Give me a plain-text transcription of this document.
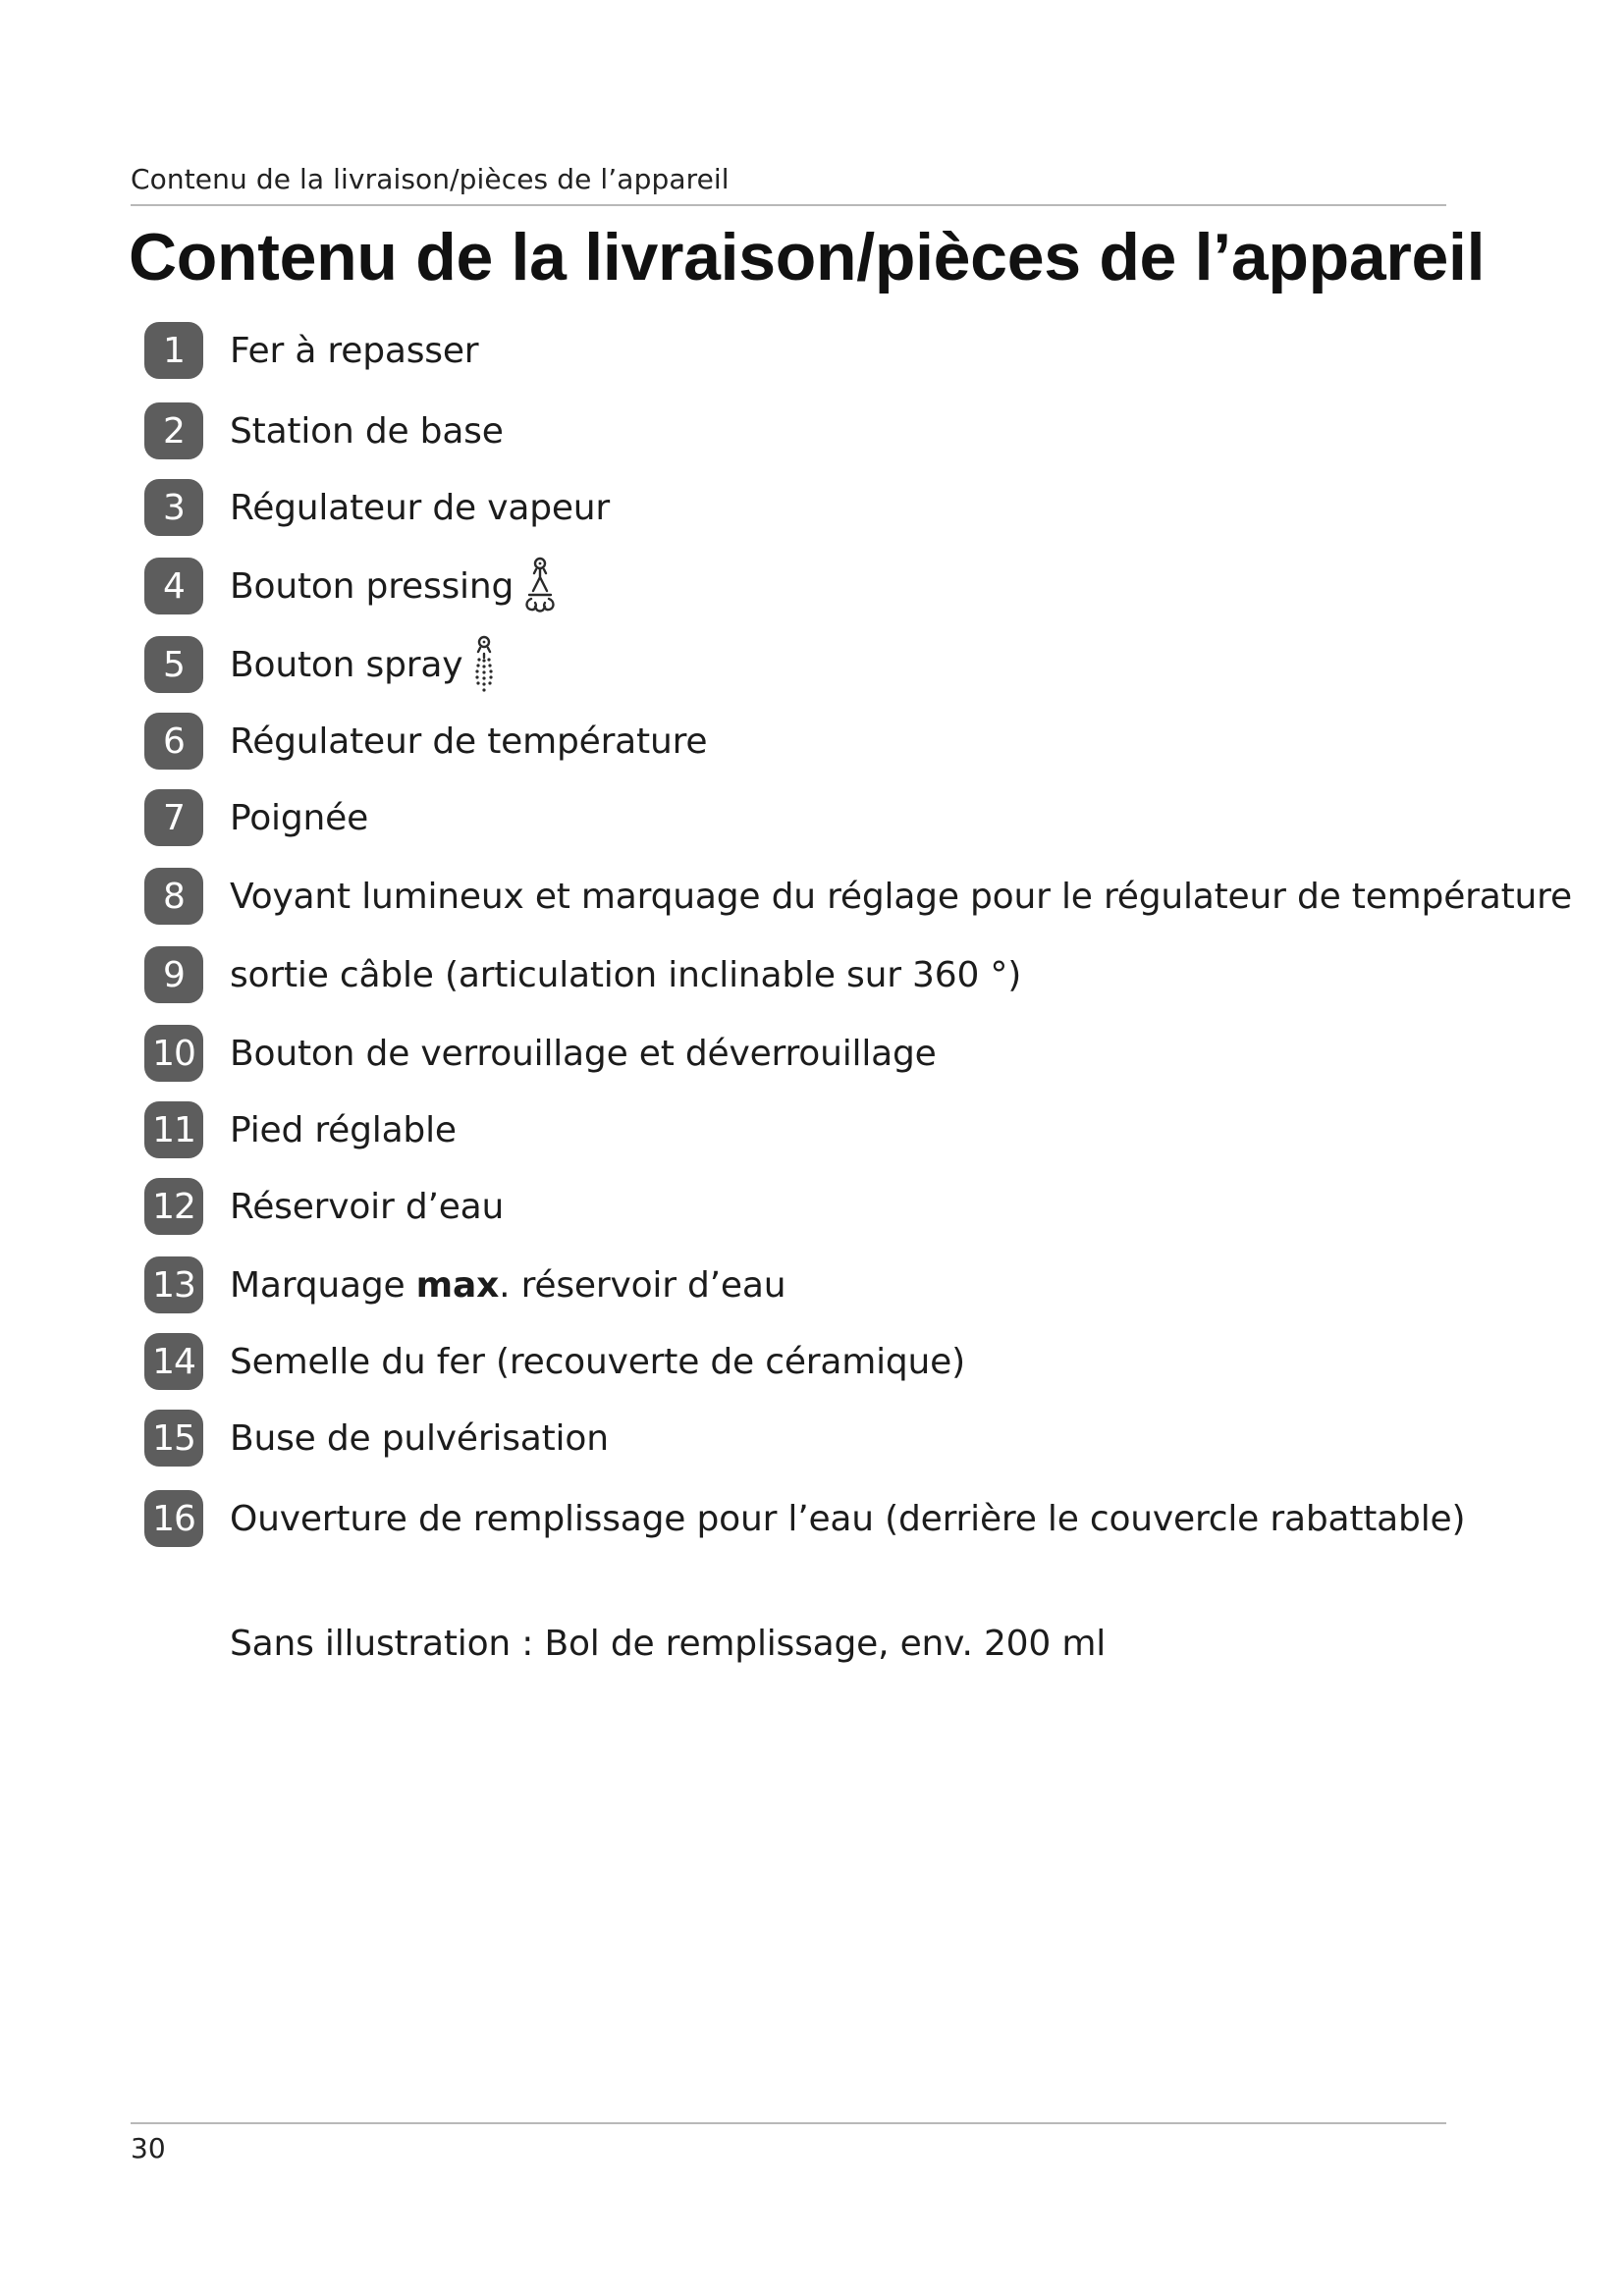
Contenu de la livraison/pièces de l’appareil
Contenu de la livraison/pièces de l’appareil
1	Fer à repasser
2	Station de base
3	Régulateur de vapeur
4	Bouton pressing
5	Bouton spray
6	Régulateur de température
7	Poignée
8	Voyant lumineux et marquage du réglage pour le régulateur de température
9	sortie câble (articulation inclinable sur 360 °)
10 Bouton de verrouillage et déverrouillage
11 Pied réglable
12 Réservoir d’eau
13 Marquage max. réservoir d’eau
14 Semelle du fer (recouverte de céramique)
15 Buse de pulvérisation
16 Ouverture de remplissage pour l’eau (derrière le couvercle rabattable)
Sans illustration : Bol de remplissage, env. 200 ml
30
